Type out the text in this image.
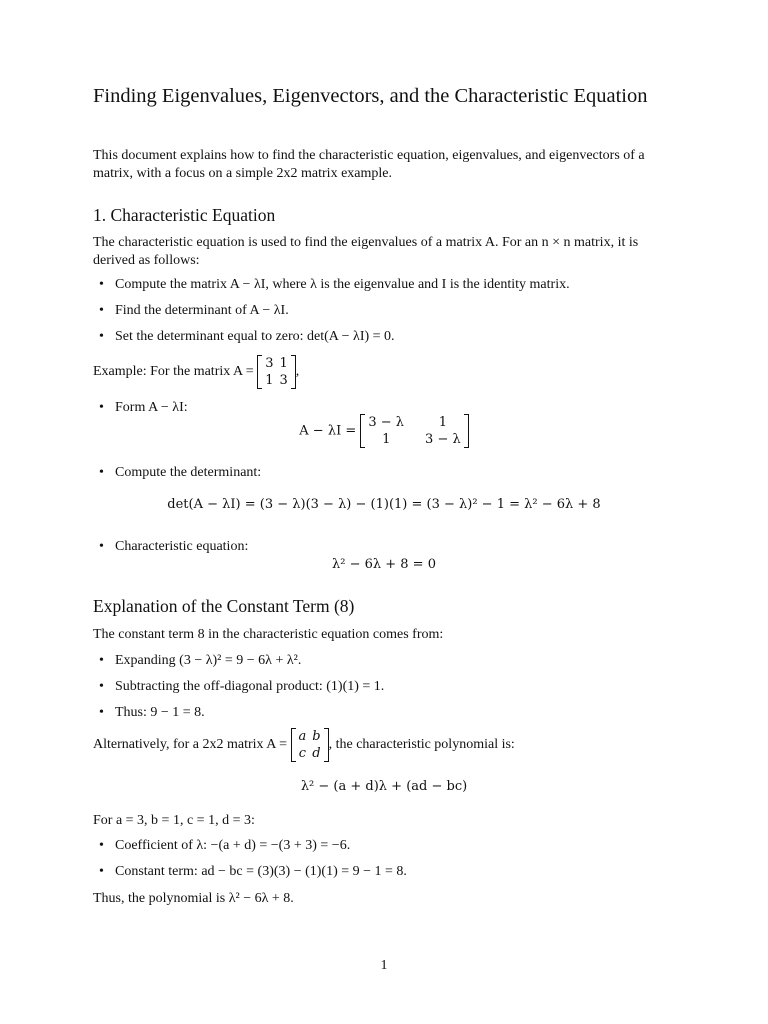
Finding Eigenvalues, Eigenvectors, and the Characteristic Equation

This document explains how to find the characteristic equation, eigenvalues, and eigenvectors of a matrix, with a focus on a simple 2x2 matrix example.

1. Characteristic Equation

The characteristic equation is used to find the eigenvalues of a matrix A. For an n × n matrix, it is derived as follows:

• Compute the matrix A − λI, where λ is the eigenvalue and I is the identity matrix.
• Find the determinant of A − λI.
• Set the determinant equal to zero: det(A − λI) = 0.
Example: For the matrix A =
3	1
1	3
,
• Form A − λI:
A − λI =
3 − λ	1
1	3 − λ
• Compute the determinant:
det(A − λI) = (3 − λ)(3 − λ) − (1)(1) = (3 − λ)² − 1 = λ² − 6λ + 8
• Characteristic equation:
λ² − 6λ + 8 = 0
Explanation of the Constant Term (8)

The constant term 8 in the characteristic equation comes from:

• Expanding (3 − λ)² = 9 − 6λ + λ².
• Subtracting the off-diagonal product: (1)(1) = 1.
• Thus: 9 − 1 = 8.
Alternatively, for a 2x2 matrix A =
a	b
c	d
, the characteristic polynomial is:
λ² − (a + d)λ + (ad − bc)
For a = 3, b = 1, c = 1, d = 3:
• Coefficient of λ: −(a + d) = −(3 + 3) = −6.
• Constant term: ad − bc = (3)(3) − (1)(1) = 9 − 1 = 8.
Thus, the polynomial is λ² − 6λ + 8.
1
